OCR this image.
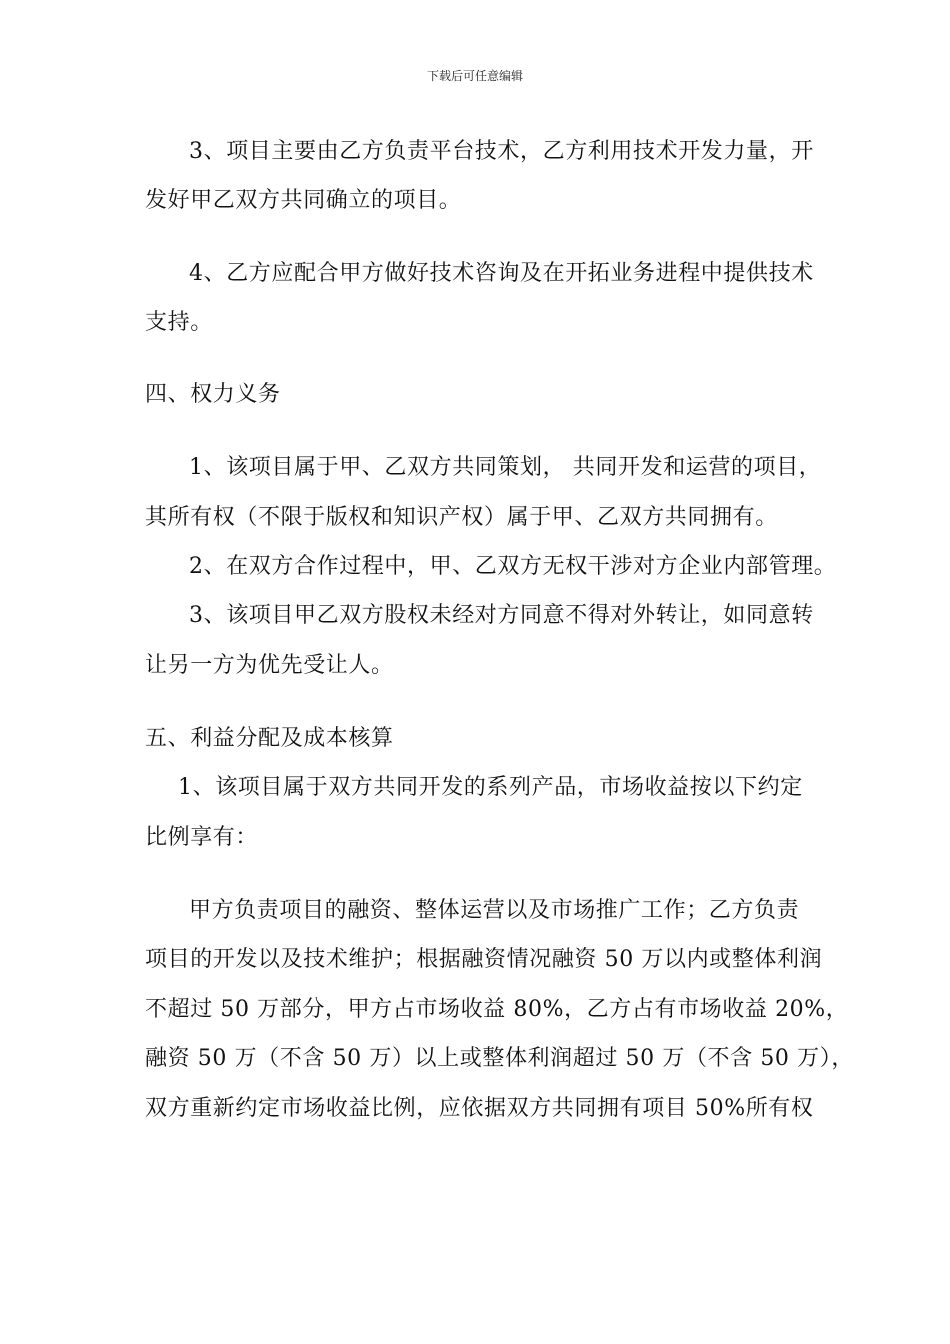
下载后可任意编辑
3、项目主要由乙方负责平台技术，乙方利用技术开发力量，开
发好甲乙双方共同确立的项目。
4、乙方应配合甲方做好技术咨询及在开拓业务进程中提供技术
支持。
四、权力义务
1、该项目属于甲、乙双方共同策划， 共同开发和运营的项目，
其所有权（不限于版权和知识产权）属于甲、乙双方共同拥有。
2、在双方合作过程中，甲、乙双方无权干涉对方企业内部管理。
3、该项目甲乙双方股权未经对方同意不得对外转让，如同意转
让另一方为优先受让人。
五、利益分配及成本核算
1、该项目属于双方共同开发的系列产品，市场收益按以下约定
比例享有：
甲方负责项目的融资、整体运营以及市场推广工作；乙方负责
项目的开发以及技术维护；根据融资情况融资 50 万以内或整体利润
不超过 50 万部分，甲方占市场收益 80%，乙方占有市场收益 20%，
融资 50 万（不含 50 万）以上或整体利润超过 50 万（不含 50 万），
双方重新约定市场收益比例，应依据双方共同拥有项目 50%所有权
